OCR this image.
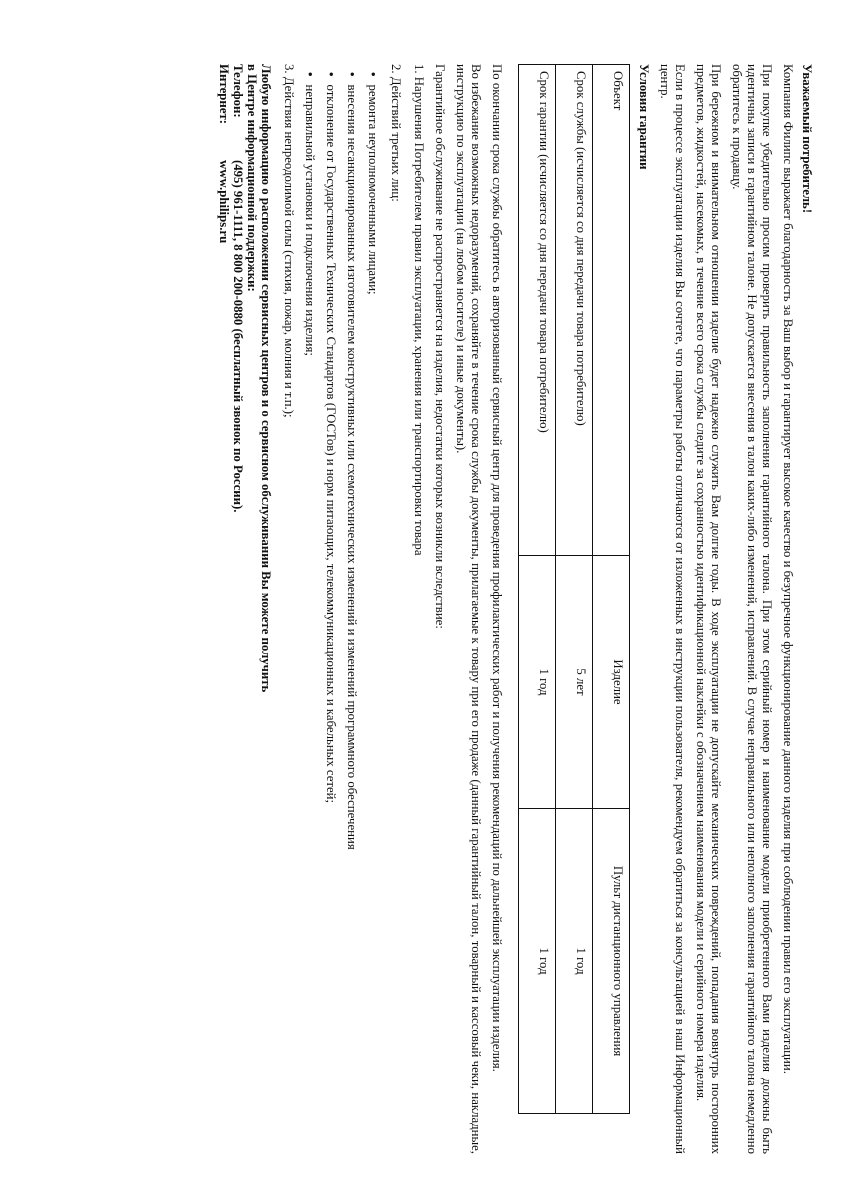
Уважаемый потребитель!
Компания Филипс выражает благодарность за Ваш выбор и гарантирует высокое качество и безупречное функционирование данного изделия при соблюдении правил его эксплуатации.
При покупке убедительно просим проверить правильность заполнения гарантийного талона. При этом серийный номер и наименование модели приобретенного Вами изделия должны быть идентичны записи в гарантийном талоне. Не допускается внесения в талон каких-либо изменений, исправлений. В случае неправильного или неполного заполнения гарантийного талона немедленно обратитесь к продавцу.
При бережном и внимательном отношении изделие будет надежно служить Вам долгие годы. В ходе эксплуатации не допускайте механических повреждений, попадания вовнутрь посторонних предметов, жидкостей, насекомых, в течение всего срока службы следите за сохранностью идентификационной наклейки с обозначением наименования модели и серийного номера изделия.
Если в процессе эксплуатации изделия Вы сочтете, что параметры работы отличаются от изложенных в инструкции пользователя, рекомендуем обратиться за консультацией в наш Информационный центр.
Условия гарантии
Объект	Изделие	Пульт дистанционного управления
Срок службы (исчисляется со дня передачи товара потребителю)	5 лет	1 год
Срок гарантии (исчисляется со дня передачи товара потребителю)	1 год	1 год
По окончании срока службы обратитесь в авторизованный сервисный центр для проведения профилактических работ и получения рекомендаций по дальнейшей эксплуатации изделия.
Во избежание возможных недоразумений, сохраняйте в течение срока службы документы, прилагаемые к товару при его продаже (данный гарантийный талон, товарный и кассовый чеки, накладные, инструкцию по эксплуатации (на любом носителе) и иные документы).
Гарантийное обслуживание не распространяется на изделия, недостатки которых возникли вследствие:
1. Нарушения Потребителем правил эксплуатации, хранения или транспортировки товара
2. Действий третьих лиц:
•ремонта неуполномоченными лицами;
•внесения несанкционированных изготовителем конструктивных или схемотехнических изменений и изменений программного обеспечения
•отклонение от Государственных Технических Стандартов (ГОСТов) и норм питающих, телекоммуникационных и кабельных сетей;
•неправильной установки и подключения изделия;
3. Действия непреодолимой силы (стихия, пожар, молния и т.п.);
Любую информацию о расположении сервисных центров и о сервисном обслуживании Вы можете получить
в Центре информационной поддержки:
Телефон:
(495) 961-1111, 8 800 200-0880 (бесплатный звонок по России).
Интернет:
www.philips.ru
